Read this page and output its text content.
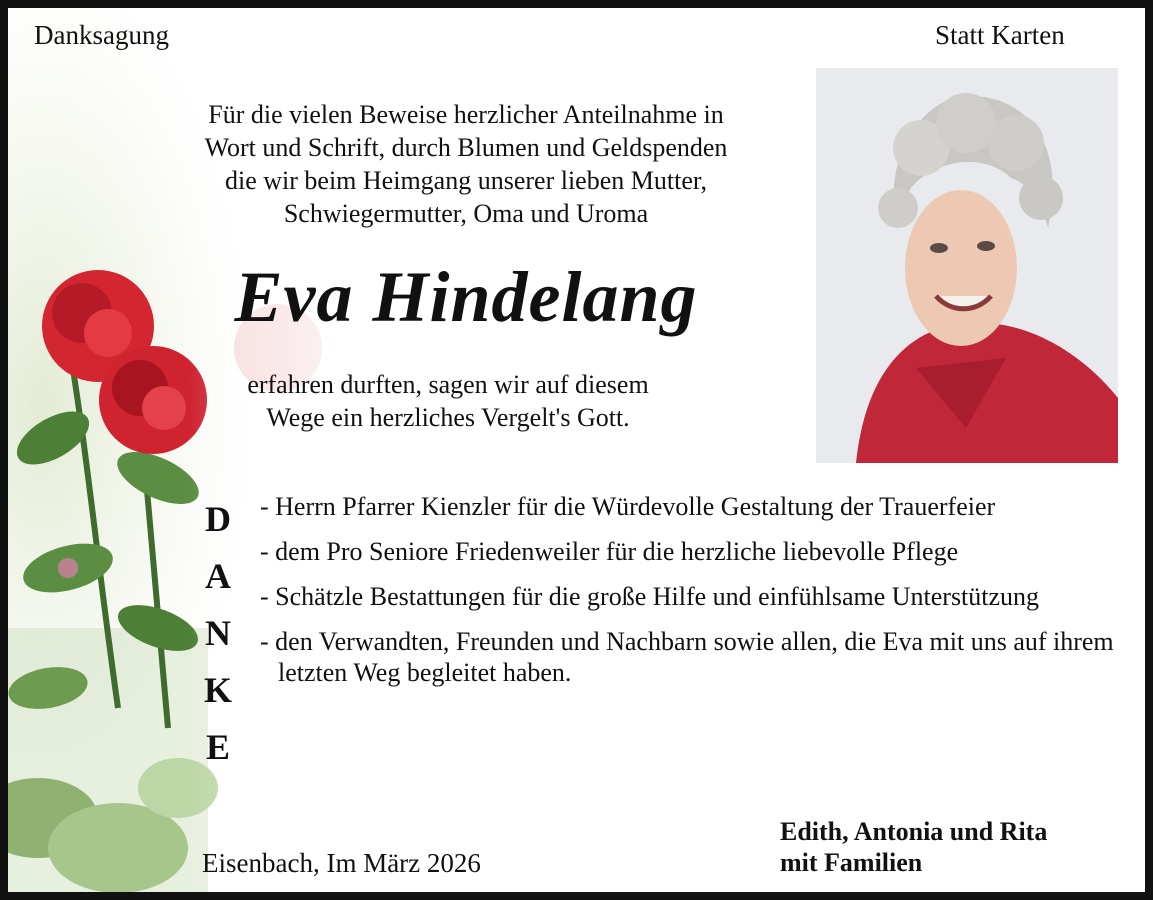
Danksagung	Statt Karten
Für die vielen Beweise herzlicher Anteilnahme in
Wort und Schrift, durch Blumen und Geldspenden
die wir beim Heimgang unserer lieben Mutter,
Schwiegermutter, Oma und Uroma
Eva Hindelang
erfahren durften, sagen wir auf diesem
Wege ein herzliches Vergelt's Gott.
D
A
N
K
E
- Herrn Pfarrer Kienzler für die Würdevolle Gestaltung der Trauerfeier
- dem Pro Seniore Friedenweiler für die herzliche liebevolle Pflege
- Schätzle Bestattungen für die große Hilfe und einfühlsame Unterstützung
- den Verwandten, Freunden und Nachbarn sowie allen, die Eva mit uns auf ihrem letzten Weg begleitet haben.
Eisenbach, Im März 2026
Edith, Antonia und Rita
mit Familien
